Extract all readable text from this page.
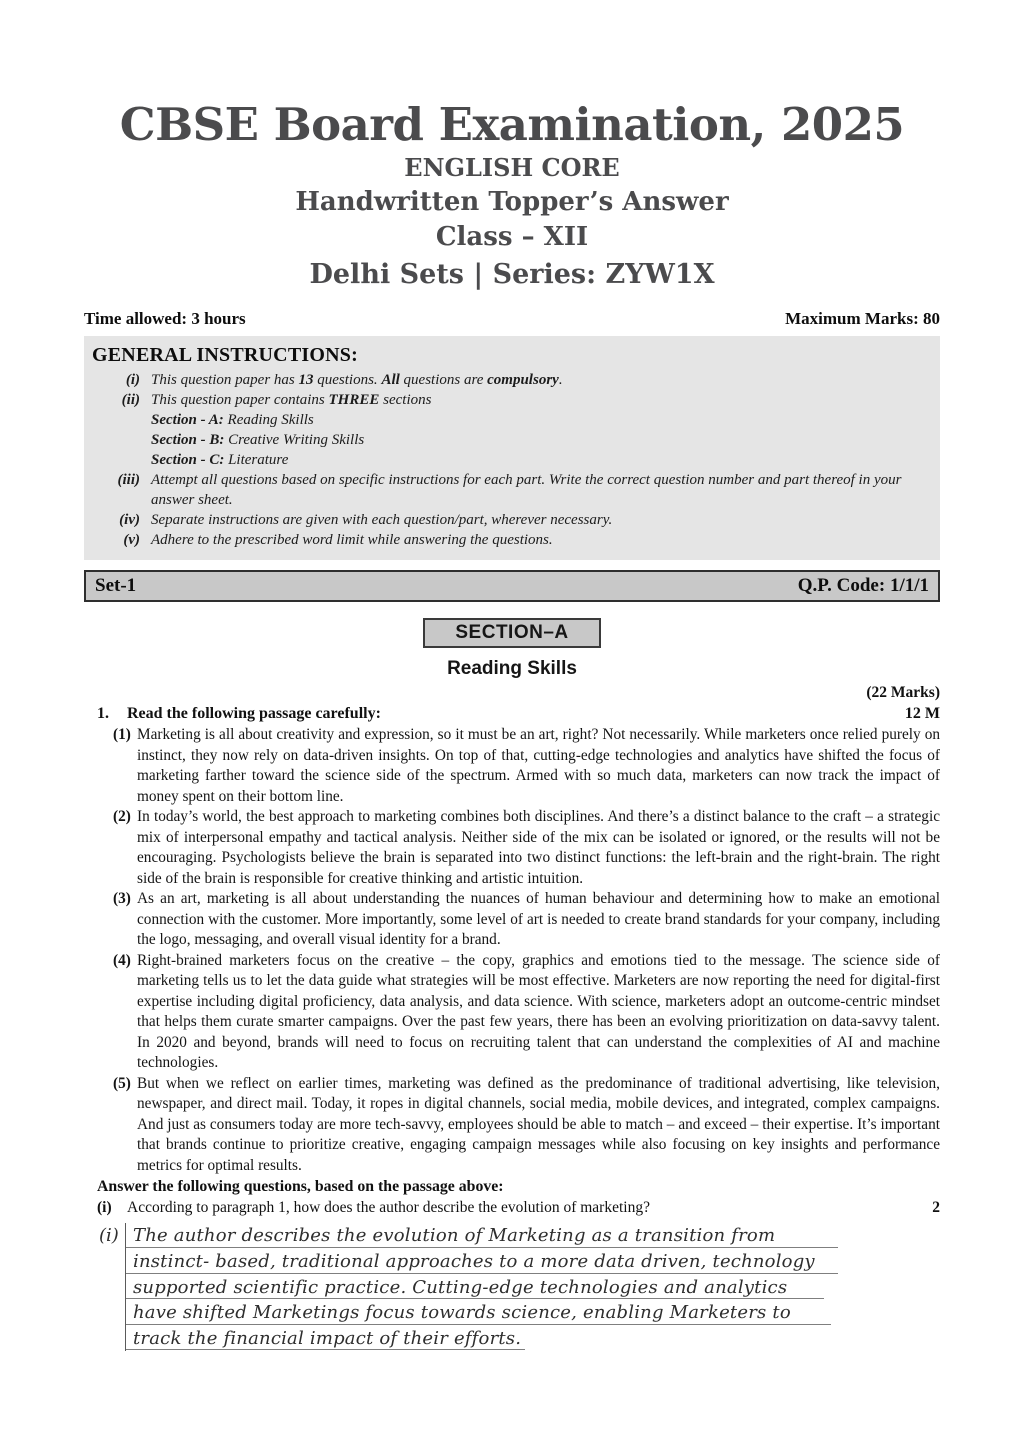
CBSE Board Examination, 2025
ENGLISH CORE
Handwritten Topper’s Answer
Class – XII
Delhi Sets | Series: ZYW1X
Time allowed: 3 hours	Maximum Marks: 80
GENERAL INSTRUCTIONS:
(i) This question paper has 13 questions. All questions are compulsory.
(ii) This question paper contains THREE sections
Section - A: Reading Skills
Section - B: Creative Writing Skills
Section - C: Literature
(iii) Attempt all questions based on specific instructions for each part. Write the correct question number and part thereof in your answer sheet.
(iv) Separate instructions are given with each question/part, wherever necessary.
(v) Adhere to the prescribed word limit while answering the questions.
Set-1	Q.P. Code: 1/1/1
SECTION–A
Reading Skills
(22 Marks)
1.	Read the following passage carefully:	12 M
(1) Marketing is all about creativity and expression, so it must be an art, right? Not necessarily. While marketers once relied purely on instinct, they now rely on data-driven insights. On top of that, cutting-edge technologies and analytics have shifted the focus of marketing farther toward the science side of the spectrum. Armed with so much data, marketers can now track the impact of money spent on their bottom line.
(2) In today’s world, the best approach to marketing combines both disciplines. And there’s a distinct balance to the craft – a strategic mix of interpersonal empathy and tactical analysis. Neither side of the mix can be isolated or ignored, or the results will not be encouraging. Psychologists believe the brain is separated into two distinct functions: the left-brain and the right-brain. The right side of the brain is responsible for creative thinking and artistic intuition.
(3) As an art, marketing is all about understanding the nuances of human behaviour and determining how to make an emotional connection with the customer. More importantly, some level of art is needed to create brand standards for your company, including the logo, messaging, and overall visual identity for a brand.
(4) Right-brained marketers focus on the creative – the copy, graphics and emotions tied to the message. The science side of marketing tells us to let the data guide what strategies will be most effective. Marketers are now reporting the need for digital-first expertise including digital proficiency, data analysis, and data science. With science, marketers adopt an outcome-centric mindset that helps them curate smarter campaigns. Over the past few years, there has been an evolving prioritization on data-savvy talent. In 2020 and beyond, brands will need to focus on recruiting talent that can understand the complexities of AI and machine technologies.
(5) But when we reflect on earlier times, marketing was defined as the predominance of traditional advertising, like television, newspaper, and direct mail. Today, it ropes in digital channels, social media, mobile devices, and integrated, complex campaigns. And just as consumers today are more tech-savvy, employees should be able to match – and exceed – their expertise. It’s important that brands continue to prioritize creative, engaging campaign messages while also focusing on key insights and performance metrics for optimal results.
Answer the following questions, based on the passage above:
(i) According to paragraph 1, how does the author describe the evolution of marketing?	2
(i) The author describes the evolution of Marketing as a transition from
instinct- based, traditional approaches to a more data driven, technology
supported scientific practice. Cutting-edge technologies and analytics
have shifted Marketings focus towards science, enabling Marketers to
track the financial impact of their efforts.
